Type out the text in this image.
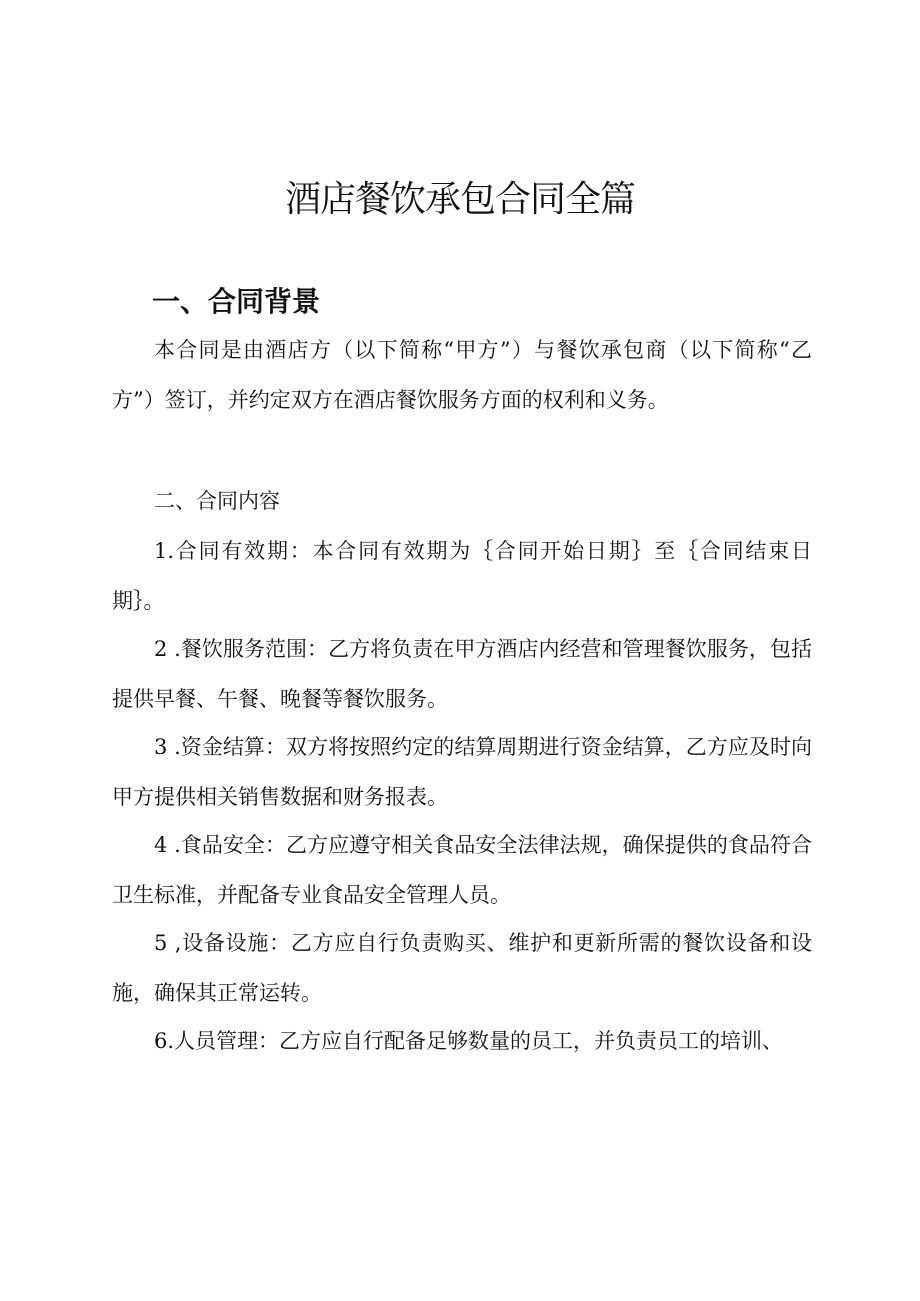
酒店餐饮承包合同全篇
一、合同背景

本合同是由酒店方（以下简称“甲方”）与餐饮承包商（以下简称“乙方”）签订，并约定双方在酒店餐饮服务方面的权利和义务。

二、合同内容

1.合同有效期：本合同有效期为｛合同开始日期｝至｛合同结束日期｝。

2 .餐饮服务范围：乙方将负责在甲方酒店内经营和管理餐饮服务，包括提供早餐、午餐、晚餐等餐饮服务。

3 .资金结算：双方将按照约定的结算周期进行资金结算，乙方应及时向甲方提供相关销售数据和财务报表。

4 .食品安全：乙方应遵守相关食品安全法律法规，确保提供的食品符合卫生标准，并配备专业食品安全管理人员。

5 ,设备设施：乙方应自行负责购买、维护和更新所需的餐饮设备和设施，确保其正常运转。

6.人员管理：乙方应自行配备足够数量的员工，并负责员工的培训、
